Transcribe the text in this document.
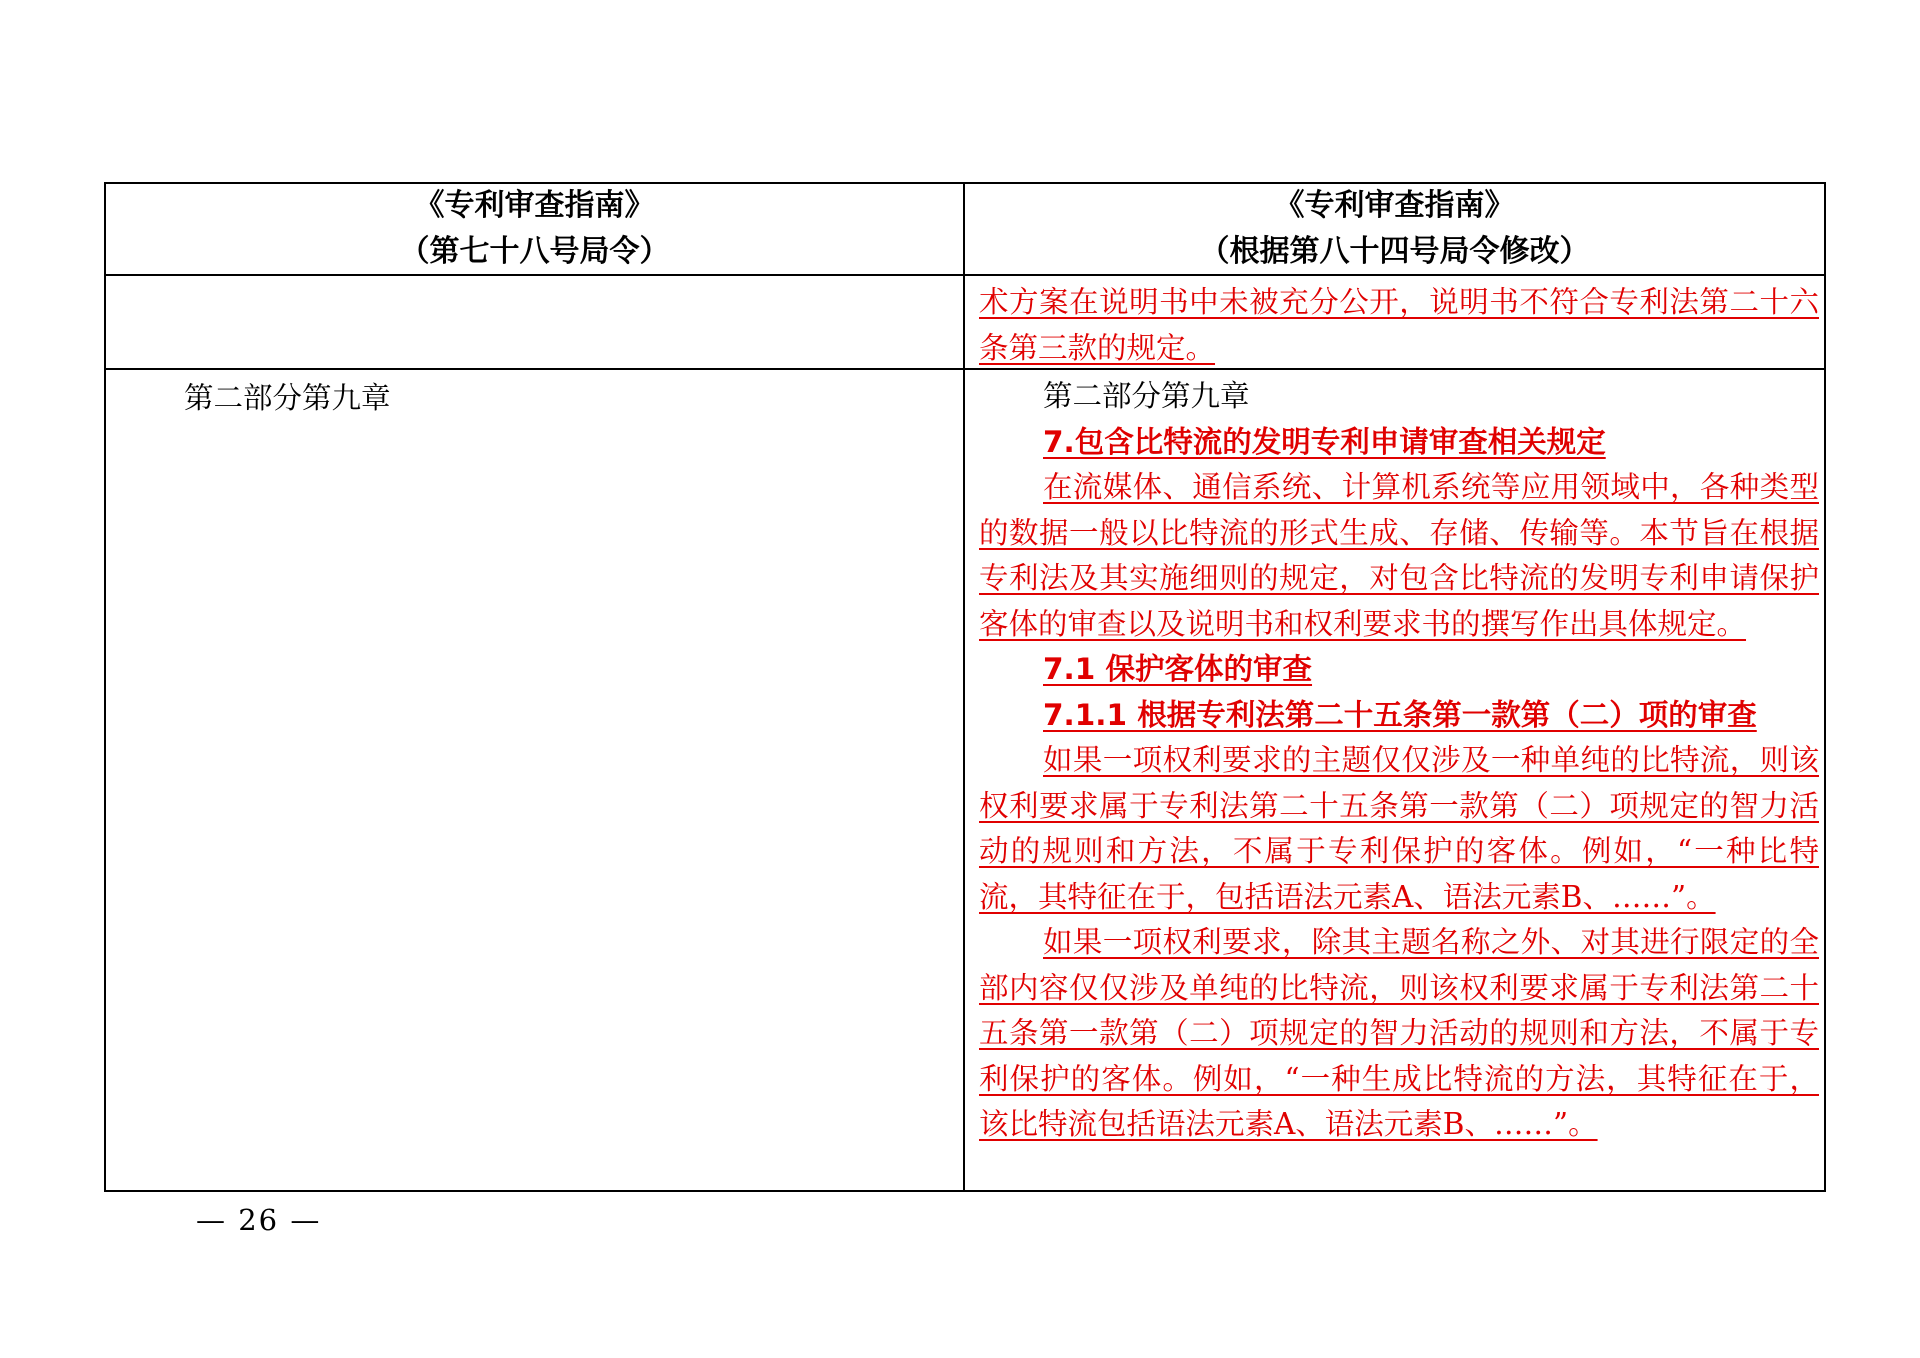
《专利审查指南》
（第七十八号局令）
《专利审查指南》
（根据第八十四号局令修改）

术方案在说明书中未被充分公开，说明书不符合专利法第二十六条第三款的规定。

第二部分第九章	第二部分第九章

7.包含比特流的发明专利申请审查相关规定

在流媒体、通信系统、计算机系统等应用领域中，各种类型的数据一般以比特流的形式生成、存储、传输等。本节旨在根据专利法及其实施细则的规定，对包含比特流的发明专利申请保护客体的审查以及说明书和权利要求书的撰写作出具体规定。

7.1 保护客体的审查

7.1.1 根据专利法第二十五条第一款第（二）项的审查

如果一项权利要求的主题仅仅涉及一种单纯的比特流，则该权利要求属于专利法第二十五条第一款第（二）项规定的智力活动的规则和方法，不属于专利保护的客体。例如，“一种比特流，其特征在于，包括语法元素A、语法元素B、……”。

如果一项权利要求，除其主题名称之外、对其进行限定的全部内容仅仅涉及单纯的比特流，则该权利要求属于专利法第二十五条第一款第（二）项规定的智力活动的规则和方法，不属于专利保护的客体。例如，“一种生成比特流的方法，其特征在于，该比特流包括语法元素A、语法元素B、……”。

— 26 —
